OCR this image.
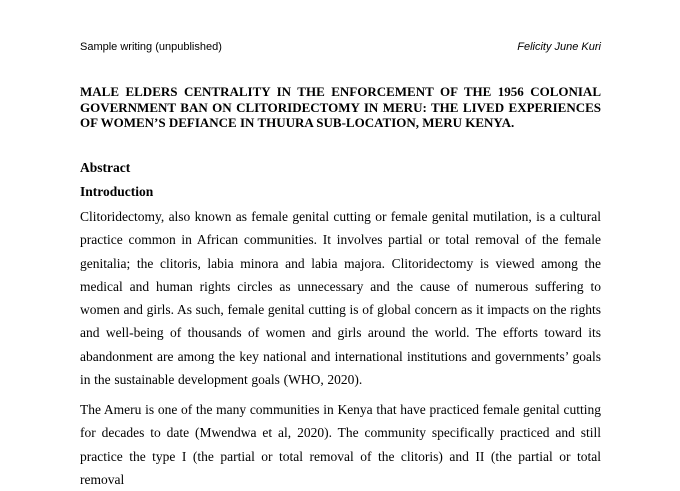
Sample writing (unpublished)	Felicity June Kuri
MALE ELDERS CENTRALITY IN THE ENFORCEMENT OF THE 1956 COLONIAL GOVERNMENT BAN ON CLITORIDECTOMY IN MERU: THE LIVED EXPERIENCES OF WOMEN’S DEFIANCE IN THUURA SUB-LOCATION, MERU KENYA.
Abstract
Introduction

Clitoridectomy, also known as female genital cutting or female genital mutilation, is a cultural practice common in African communities. It involves partial or total removal of the female genitalia; the clitoris, labia minora and labia majora. Clitoridectomy is viewed among the medical and human rights circles as unnecessary and the cause of numerous suffering to women and girls. As such, female genital cutting is of global concern as it impacts on the rights and well-being of thousands of women and girls around the world. The efforts toward its abandonment are among the key national and international institutions and governments’ goals in the sustainable development goals (WHO, 2020).

The Ameru is one of the many communities in Kenya that have practiced female genital cutting for decades to date (Mwendwa et al, 2020). The community specifically practiced and still practice the type I (the partial or total removal of the clitoris) and II (the partial or total removal
